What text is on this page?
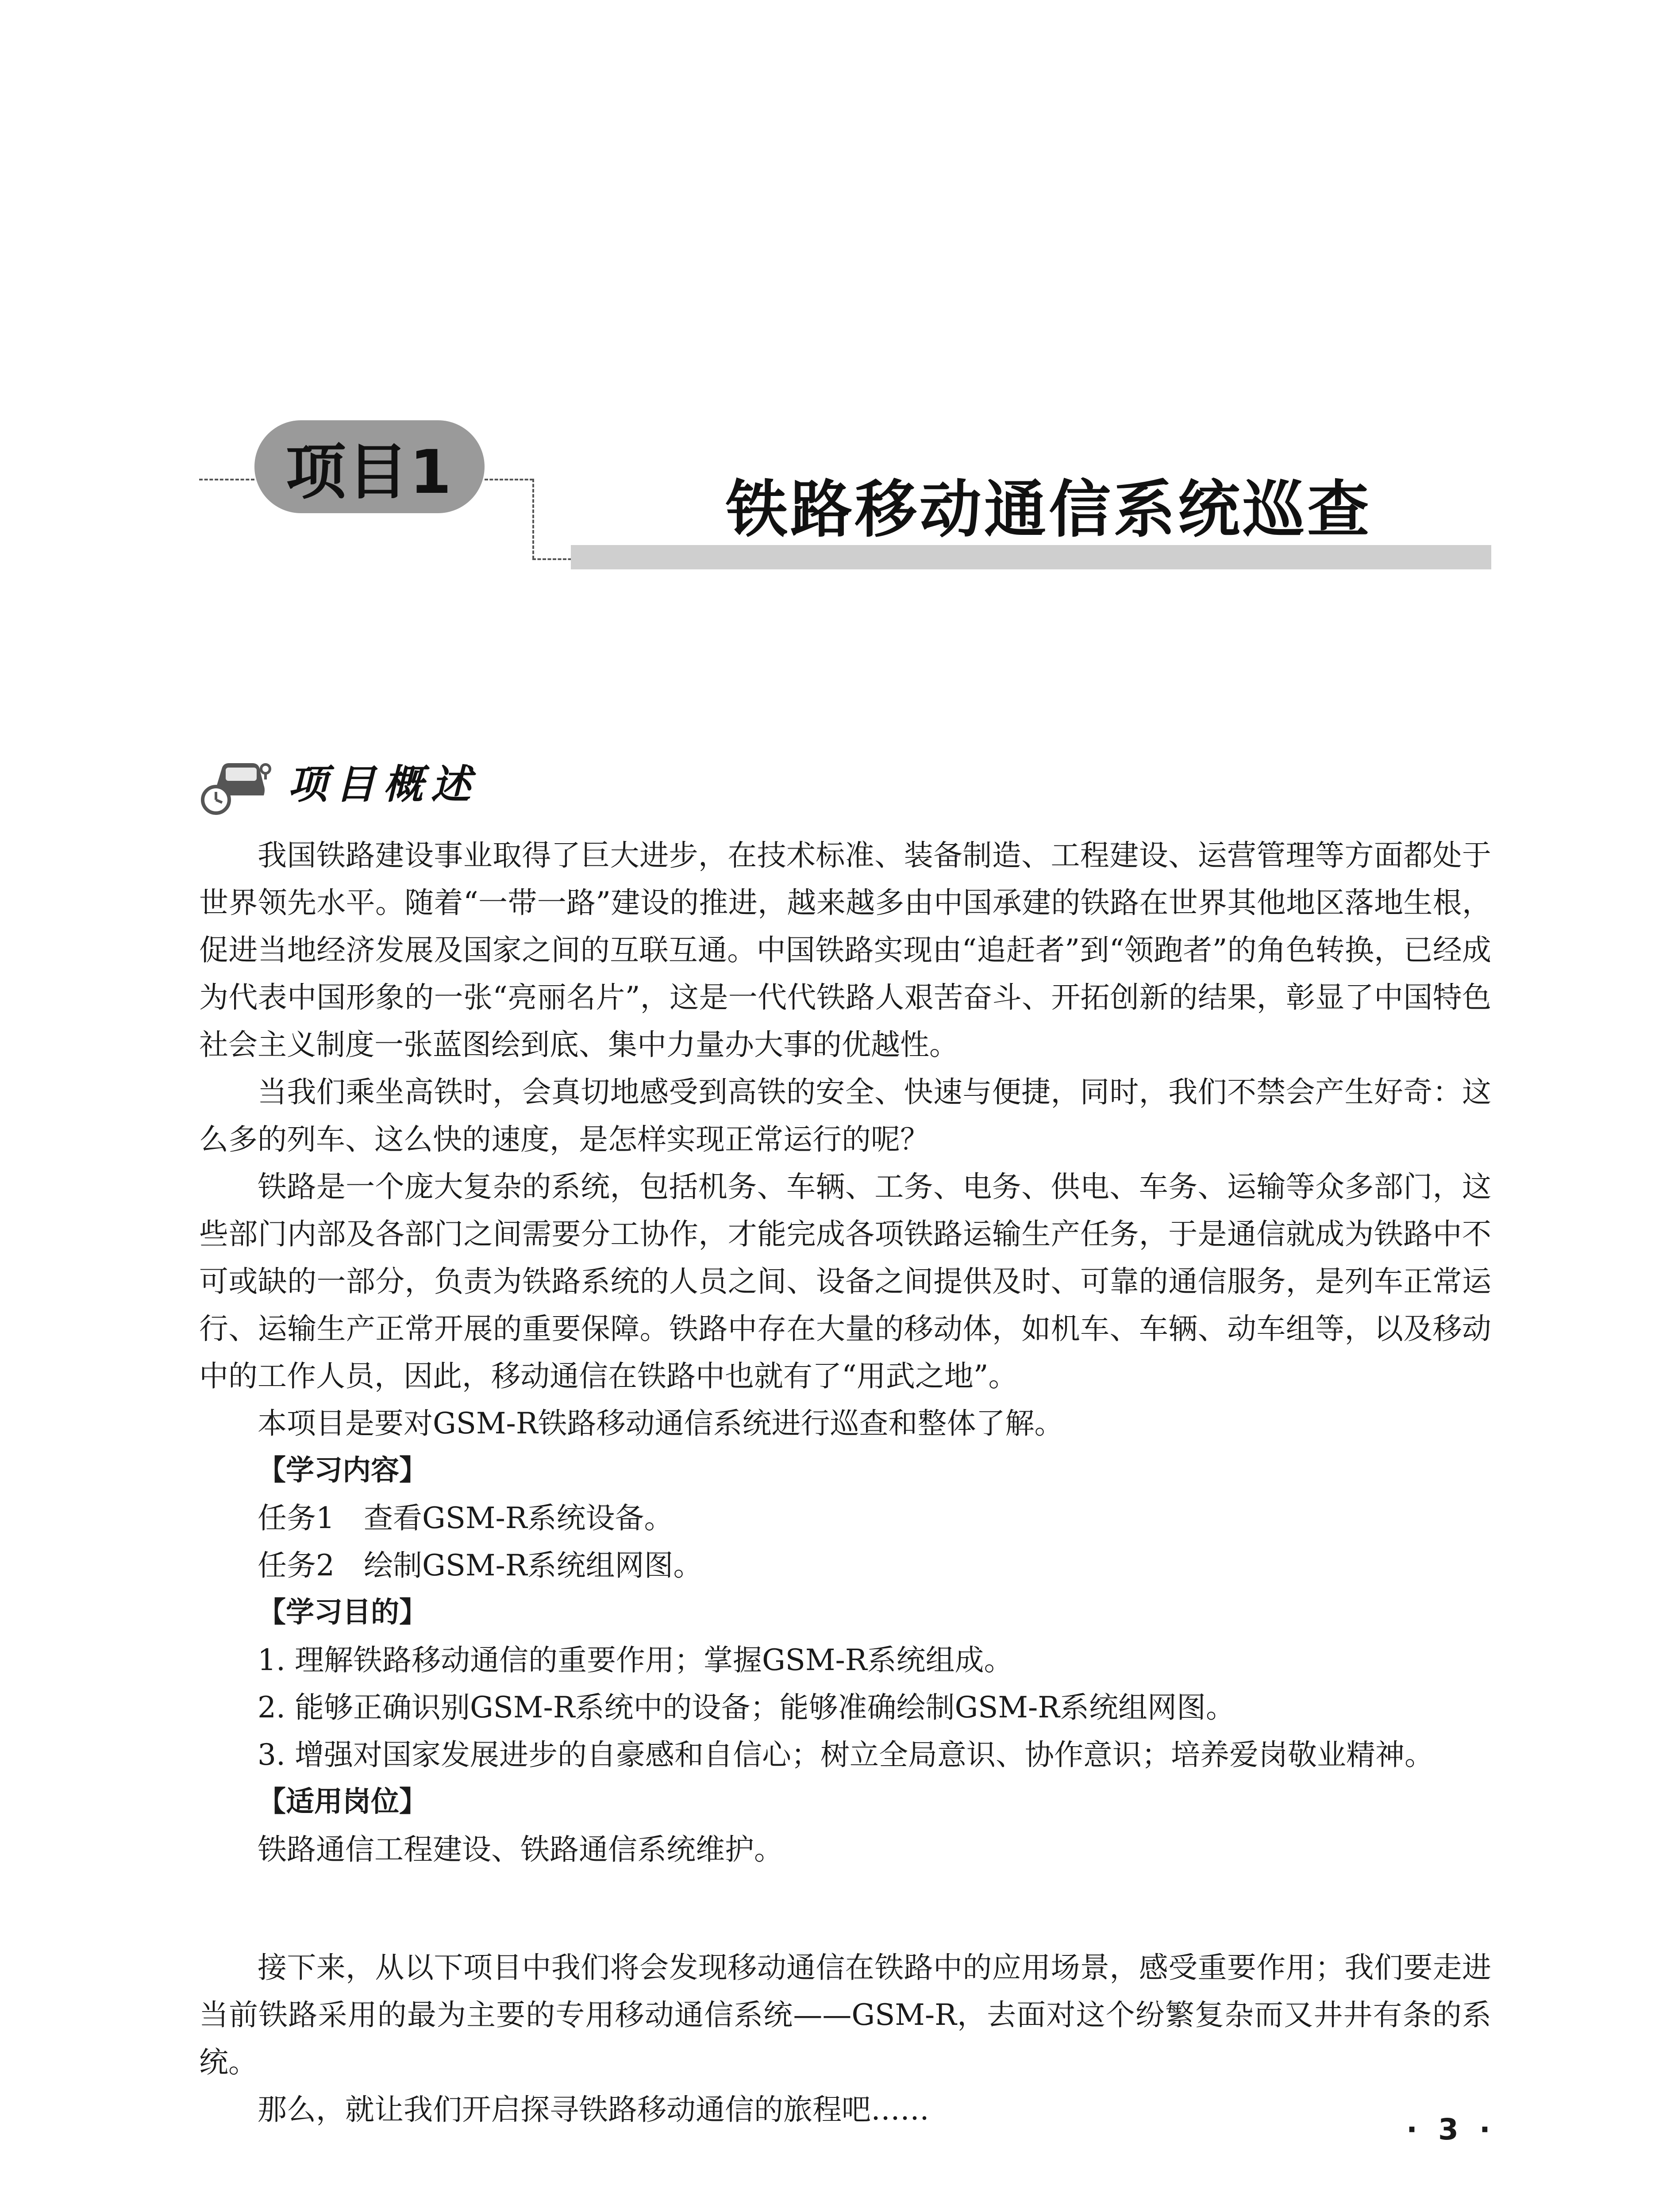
项目1
铁路移动通信系统巡查
项目概述

我国铁路建设事业取得了巨大进步，在技术标准、装备制造、工程建设、运营管理等方面都处于世界领先水平。随着“一带一路”建设的推进，越来越多由中国承建的铁路在世界其他地区落地生根，促进当地经济发展及国家之间的互联互通。中国铁路实现由“追赶者”到“领跑者”的角色转换，已经成为代表中国形象的一张“亮丽名片”，这是一代代铁路人艰苦奋斗、开拓创新的结果，彰显了中国特色社会主义制度一张蓝图绘到底、集中力量办大事的优越性。

当我们乘坐高铁时，会真切地感受到高铁的安全、快速与便捷，同时，我们不禁会产生好奇：这么多的列车、这么快的速度，是怎样实现正常运行的呢？

铁路是一个庞大复杂的系统，包括机务、车辆、工务、电务、供电、车务、运输等众多部门，这些部门内部及各部门之间需要分工协作，才能完成各项铁路运输生产任务，于是通信就成为铁路中不可或缺的一部分，负责为铁路系统的人员之间、设备之间提供及时、可靠的通信服务，是列车正常运行、运输生产正常开展的重要保障。铁路中存在大量的移动体，如机车、车辆、动车组等，以及移动中的工作人员，因此，移动通信在铁路中也就有了“用武之地”。

本项目是要对GSM-R铁路移动通信系统进行巡查和整体了解。

【学习内容】

任务1　查看GSM-R系统设备。

任务2　绘制GSM-R系统组网图。

【学习目的】

1. 理解铁路移动通信的重要作用；掌握GSM-R系统组成。

2. 能够正确识别GSM-R系统中的设备；能够准确绘制GSM-R系统组网图。

3. 增强对国家发展进步的自豪感和自信心；树立全局意识、协作意识；培养爱岗敬业精神。

【适用岗位】

铁路通信工程建设、铁路通信系统维护。

接下来，从以下项目中我们将会发现移动通信在铁路中的应用场景，感受重要作用；我们要走进当前铁路采用的最为主要的专用移动通信系统——GSM-R，去面对这个纷繁复杂而又井井有条的系统。

那么，就让我们开启探寻铁路移动通信的旅程吧……

· 3 ·
